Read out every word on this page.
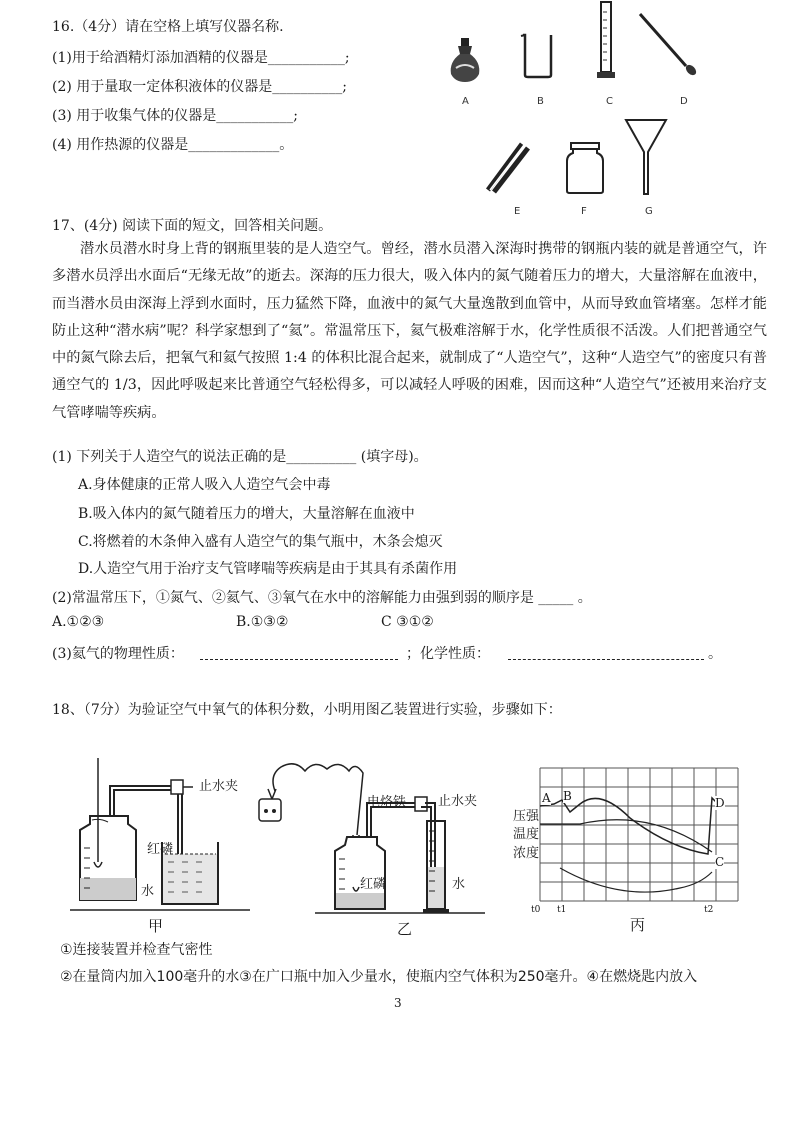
16.（4分）请在空格上填写仪器名称.
(1)用于给酒精灯添加酒精的仪器是___________;
(2) 用于量取一定体积液体的仪器是__________;
(3) 用于收集气体的仪器是___________;
(4) 用作热源的仪器是_____________。
A	B	C	D
E	F	G
17、(4分) 阅读下面的短文，回答相关问题。
潜水员潜水时身上背的钢瓶里装的是人造空气。曾经，潜水员潜入深海时携带的钢瓶内装的就是普通空气，许多潜水员浮出水面后“无缘无故”的逝去。深海的压力很大，吸入体内的氮气随着压力的增大，大量溶解在血液中，而当潜水员由深海上浮到水面时，压力猛然下降，血液中的氮气大量逸散到血管中，从而导致血管堵塞。怎样才能防止这种“潜水病”呢？科学家想到了“氦”。常温常压下，氦气极难溶解于水，化学性质很不活泼。人们把普通空气中的氮气除去后，把氧气和氦气按照 1:4 的体积比混合起来，就制成了“人造空气”，这种“人造空气”的密度只有普通空气的 1/3，因此呼吸起来比普通空气轻松得多，可以减轻人呼吸的困难，因而这种“人造空气”还被用来治疗支气管哮喘等疾病。
(1) 下列关于人造空气的说法正确的是__________ (填字母)。
A.身体健康的正常人吸入人造空气会中毒
B.吸入体内的氮气随着压力的增大，大量溶解在血液中
C.将燃着的木条伸入盛有人造空气的集气瓶中，木条会熄灭
D.人造空气用于治疗支气管哮喘等疾病是由于其具有杀菌作用
(2)常温常压下，①氮气、②氦气、③氧气在水中的溶解能力由强到弱的顺序是 _____ 。
A.①②③	B.①③②	C ③①②
(3)氦气的物理性质：	；化学性质：	。
18、（7分）为验证空气中氧气的体积分数，小明用图乙装置进行实验，步骤如下：
止水夹
红磷
水
甲
电烙铁 止水夹
红磷	水
乙
压强
温度
浓度
A B
C
D
t0 t1	t2
丙
①连接装置并检查气密性
②在量筒内加入100毫升的水③在广口瓶中加入少量水，使瓶内空气体积为250毫升。④在燃烧匙内放入
3
